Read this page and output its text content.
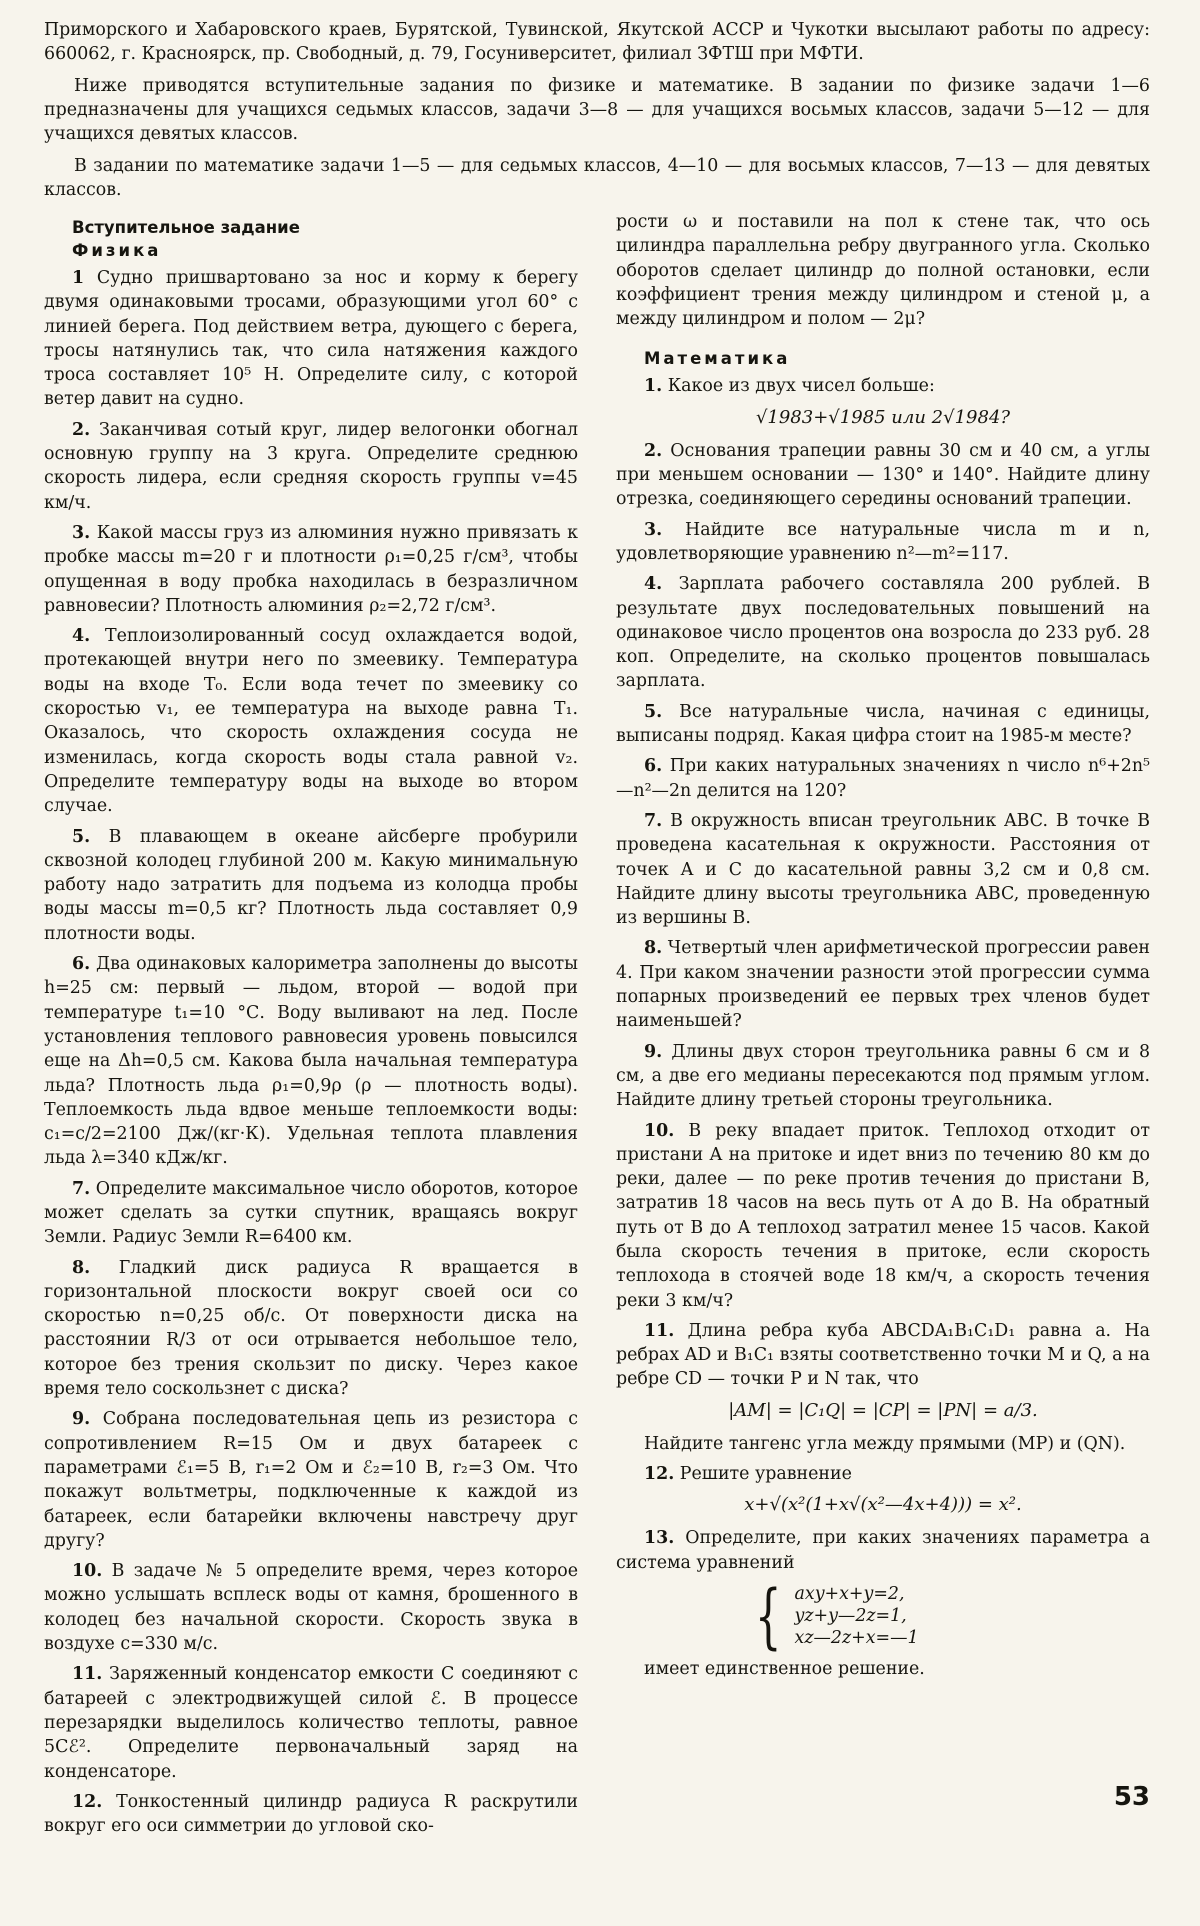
Приморского и Хабаровского краев, Бурятской, Тувинской, Якутской АССР и Чукотки высылают работы по адресу: 660062, г. Красноярск, пр. Свободный, д. 79, Госуниверситет, филиал ЗФТШ при МФТИ.

Ниже приводятся вступительные задания по физике и математике. В задании по физике задачи 1—6 предназначены для учащихся седьмых классов, задачи 3—8 — для учащихся восьмых классов, задачи 5—12 — для учащихся девятых классов.

В задании по математике задачи 1—5 — для седьмых классов, 4—10 — для восьмых классов, 7—13 — для девятых классов.

Вступительное задание
Физика

1 Судно пришвартовано за нос и корму к берегу двумя одинаковыми тросами, образующими угол 60° с линией берега. Под действием ветра, дующего с берега, тросы натянулись так, что сила натяжения каждого троса составляет 10⁵ Н. Определите силу, с которой ветер давит на судно.

2. Заканчивая сотый круг, лидер велогонки обогнал основную группу на 3 круга. Определите среднюю скорость лидера, если средняя скорость группы v=45 км/ч.

3. Какой массы груз из алюминия нужно привязать к пробке массы m=20 г и плотности ρ₁=0,25 г/см³, чтобы опущенная в воду пробка находилась в безразличном равновесии? Плотность алюминия ρ₂=2,72 г/см³.

4. Теплоизолированный сосуд охлаждается водой, протекающей внутри него по змеевику. Температура воды на входе T₀. Если вода течет по змеевику со скоростью v₁, ее температура на выходе равна T₁. Оказалось, что скорость охлаждения сосуда не изменилась, когда скорость воды стала равной v₂. Определите температуру воды на выходе во втором случае.

5. В плавающем в океане айсберге пробурили сквозной колодец глубиной 200 м. Какую минимальную работу надо затратить для подъема из колодца пробы воды массы m=0,5 кг? Плотность льда составляет 0,9 плотности воды.

6. Два одинаковых калориметра заполнены до высоты h=25 см: первый — льдом, второй — водой при температуре t₁=10 °С. Воду выливают на лед. После установления теплового равновесия уровень повысился еще на Δh=0,5 см. Какова была начальная температура льда? Плотность льда ρ₁=0,9ρ (ρ — плотность воды). Теплоемкость льда вдвое меньше теплоемкости воды: c₁=c/2=2100 Дж/(кг·К). Удельная теплота плавления льда λ=340 кДж/кг.

7. Определите максимальное число оборотов, которое может сделать за сутки спутник, вращаясь вокруг Земли. Радиус Земли R=6400 км.

8. Гладкий диск радиуса R вращается в горизонтальной плоскости вокруг своей оси со скоростью n=0,25 об/с. От поверхности диска на расстоянии R/3 от оси отрывается небольшое тело, которое без трения скользит по диску. Через какое время тело соскользнет с диска?

9. Собрана последовательная цепь из резистора с сопротивлением R=15 Ом и двух батареек с параметрами ℰ₁=5 В, r₁=2 Ом и ℰ₂=10 В, r₂=3 Ом. Что покажут вольтметры, подключенные к каждой из батареек, если батарейки включены навстречу друг другу?

10. В задаче № 5 определите время, через которое можно услышать всплеск воды от камня, брошенного в колодец без начальной скорости. Скорость звука в воздухе c=330 м/с.

11. Заряженный конденсатор емкости C соединяют с батареей с электродвижущей силой ℰ. В процессе перезарядки выделилось количество теплоты, равное 5Cℰ². Определите первоначальный заряд на конденсаторе.

12. Тонкостенный цилиндр радиуса R раскрутили вокруг его оси симметрии до угловой ско-

рости ω и поставили на пол к стене так, что ось цилиндра параллельна ребру двугранного угла. Сколько оборотов сделает цилиндр до полной остановки, если коэффициент трения между цилиндром и стеной μ, а между цилиндром и полом — 2μ?

Математика

1. Какое из двух чисел больше:

√1983+√1985 или 2√1984?

2. Основания трапеции равны 30 см и 40 см, а углы при меньшем основании — 130° и 140°. Найдите длину отрезка, соединяющего середины оснований трапеции.

3. Найдите все натуральные числа m и n, удовлетворяющие уравнению n²—m²=117.

4. Зарплата рабочего составляла 200 рублей. В результате двух последовательных повышений на одинаковое число процентов она возросла до 233 руб. 28 коп. Определите, на сколько процентов повышалась зарплата.

5. Все натуральные числа, начиная с единицы, выписаны подряд. Какая цифра стоит на 1985-м месте?

6. При каких натуральных значениях n число n⁶+2n⁵—n²—2n делится на 120?

7. В окружность вписан треугольник ABC. В точке B проведена касательная к окружности. Расстояния от точек A и C до касательной равны 3,2 см и 0,8 см. Найдите длину высоты треугольника ABC, проведенную из вершины B.

8. Четвертый член арифметической прогрессии равен 4. При каком значении разности этой прогрессии сумма попарных произведений ее первых трех членов будет наименьшей?

9. Длины двух сторон треугольника равны 6 см и 8 см, а две его медианы пересекаются под прямым углом. Найдите длину третьей стороны треугольника.

10. В реку впадает приток. Теплоход отходит от пристани A на притоке и идет вниз по течению 80 км до реки, далее — по реке против течения до пристани B, затратив 18 часов на весь путь от A до B. На обратный путь от B до A теплоход затратил менее 15 часов. Какой была скорость течения в притоке, если скорость теплохода в стоячей воде 18 км/ч, а скорость течения реки 3 км/ч?

11. Длина ребра куба ABCDA₁B₁C₁D₁ равна a. На ребрах AD и B₁C₁ взяты соответственно точки M и Q, а на ребре CD — точки P и N так, что

|AM| = |C₁Q| = |CP| = |PN| = a/3.

Найдите тангенс угла между прямыми (MP) и (QN).

12. Решите уравнение

x+√(x²(1+x√(x²—4x+4))) = x².

13. Определите, при каких значениях параметра a система уравнений

{ axy+x+y=2,
yz+y—2z=1,
xz—2z+x=—1

имеет единственное решение.

53
